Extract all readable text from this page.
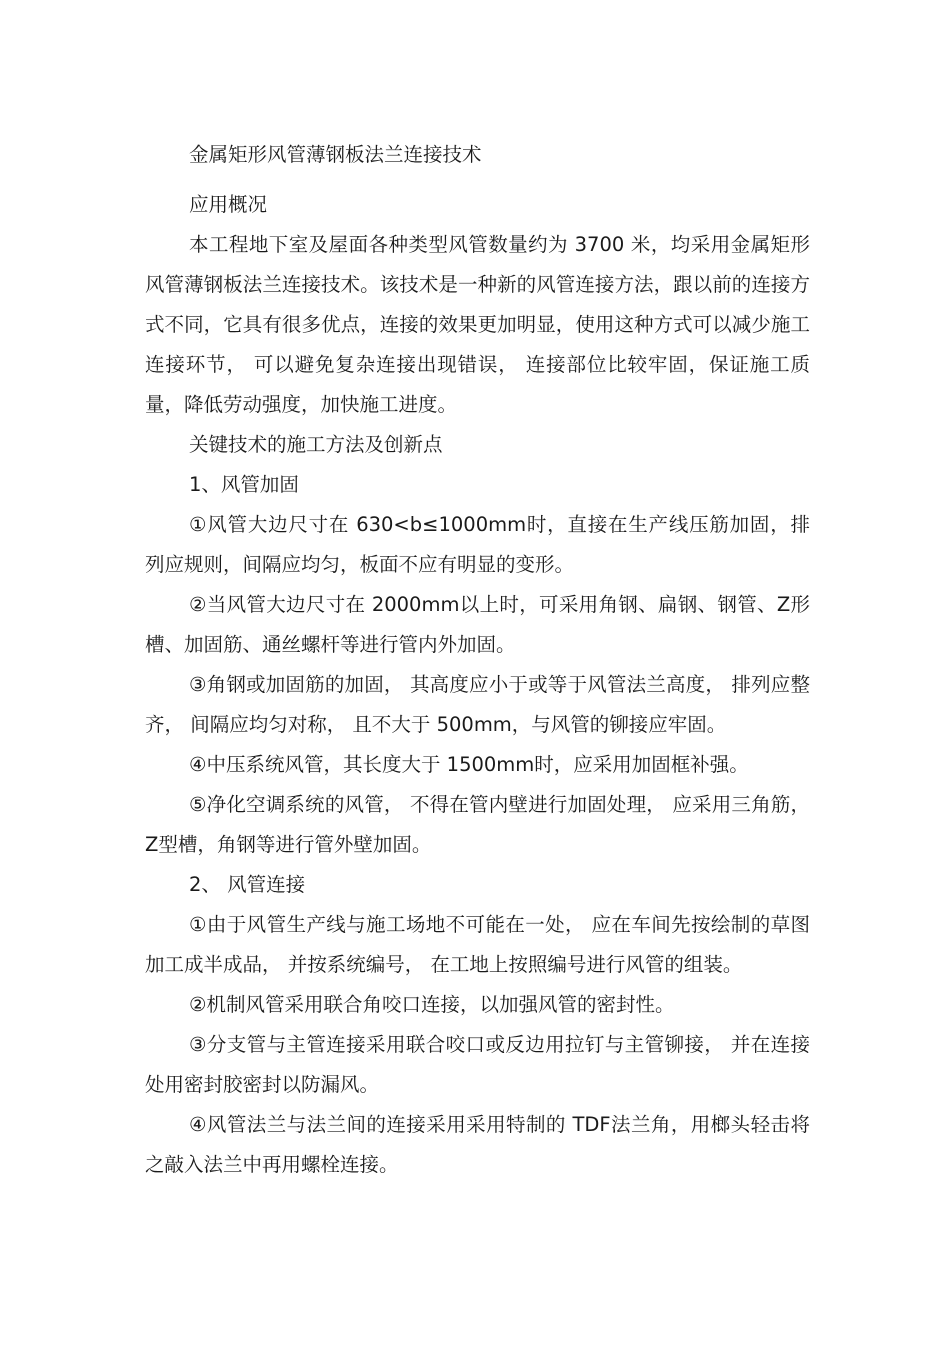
金属矩形风管薄钢板法兰连接技术

应用概况

本工程地下室及屋面各种类型风管数量约为 3700 米，均采用金属矩形风管薄钢板法兰连接技术。该技术是一种新的风管连接方法，跟以前的连接方式不同，它具有很多优点，连接的效果更加明显，使用这种方式可以减少施工连接环节， 可以避免复杂连接出现错误， 连接部位比较牢固，保证施工质量，降低劳动强度，加快施工进度。

关键技术的施工方法及创新点

1、风管加固

①风管大边尺寸在 630<b≤1000mm时，直接在生产线压筋加固，排列应规则，间隔应均匀，板面不应有明显的变形。

②当风管大边尺寸在 2000mm以上时，可采用角钢、扁钢、钢管、Z形槽、加固筋、通丝螺杆等进行管内外加固。

③角钢或加固筋的加固， 其高度应小于或等于风管法兰高度， 排列应整齐， 间隔应均匀对称， 且不大于 500mm，与风管的铆接应牢固。

④中压系统风管，其长度大于 1500mm时，应采用加固框补强。

⑤净化空调系统的风管， 不得在管内壁进行加固处理， 应采用三角筋， Z型槽，角钢等进行管外壁加固。

2、 风管连接

①由于风管生产线与施工场地不可能在一处， 应在车间先按绘制的草图加工成半成品， 并按系统编号， 在工地上按照编号进行风管的组装。

②机制风管采用联合角咬口连接，以加强风管的密封性。

③分支管与主管连接采用联合咬口或反边用拉钉与主管铆接， 并在连接处用密封胶密封以防漏风。

④风管法兰与法兰间的连接采用采用特制的 TDF法兰角，用榔头轻击将之敲入法兰中再用螺栓连接。
